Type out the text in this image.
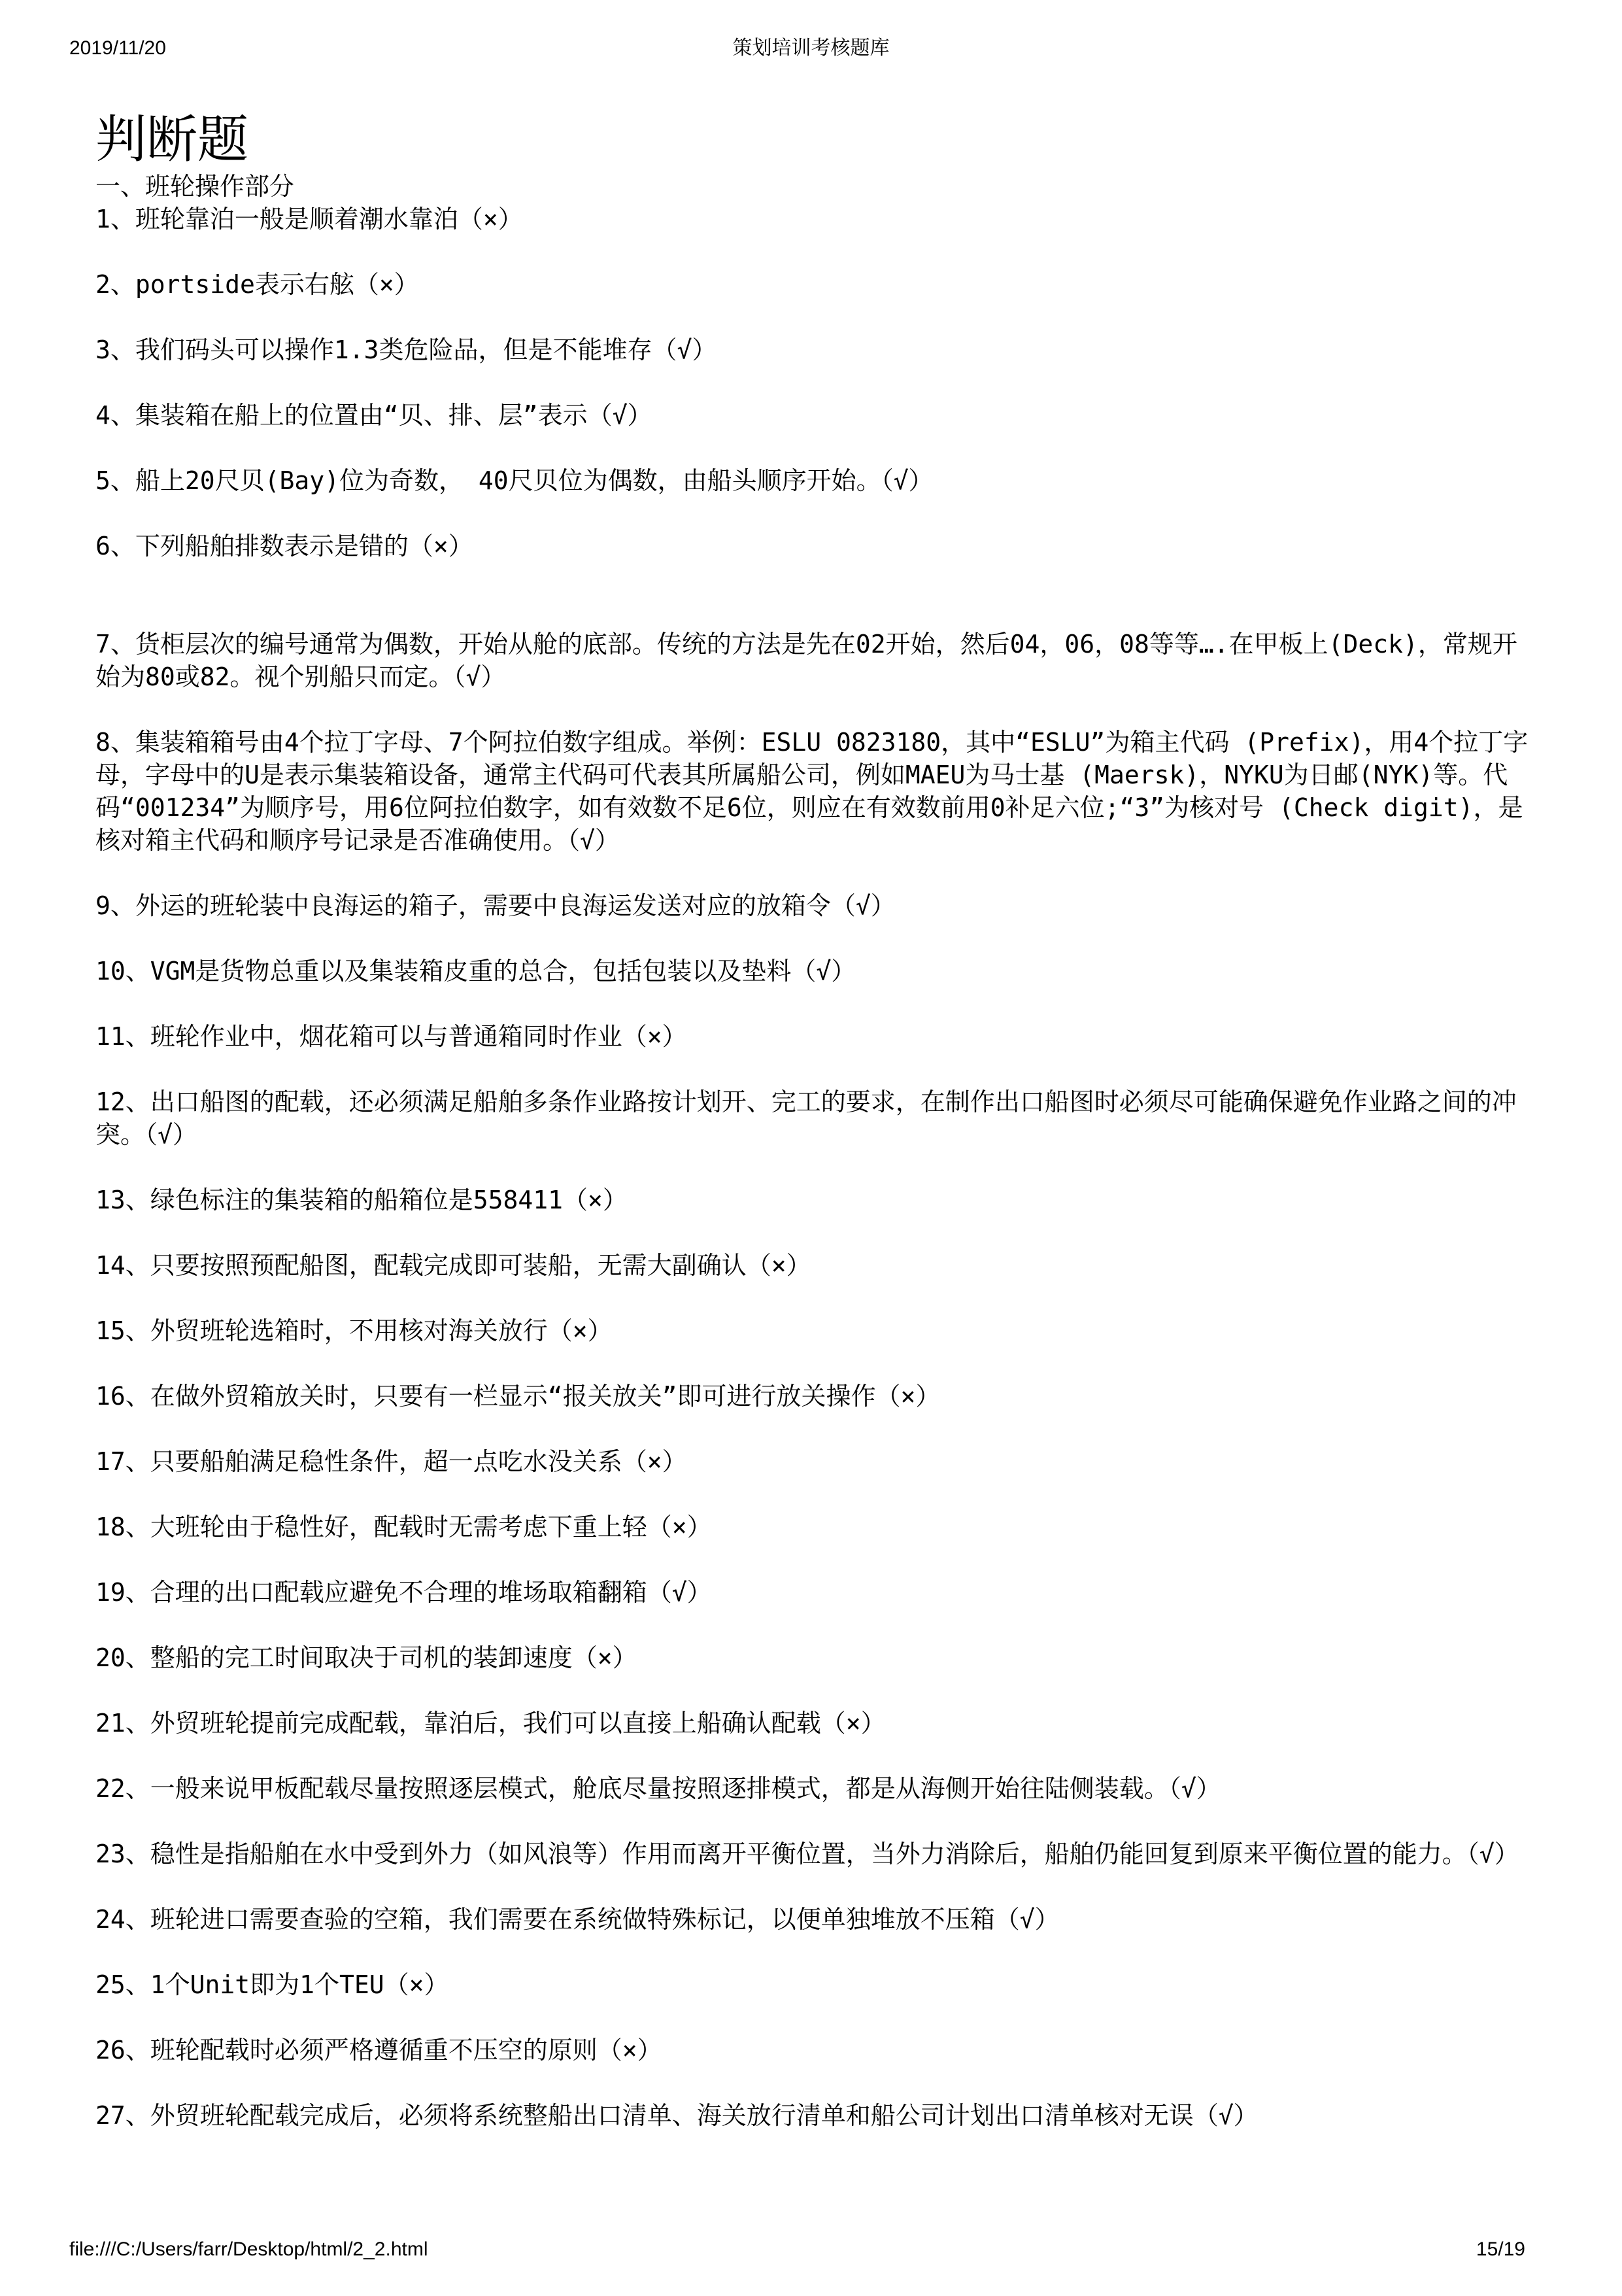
2019/11/20	策划培训考核题库
判断题

一、班轮操作部分

1、班轮靠泊一般是顺着潮水靠泊（×）

2、portside表示右舷（×）

3、我们码头可以操作1.3类危险品，但是不能堆存（√）

4、集装箱在船上的位置由“贝、排、层”表示（√）

5、船上20尺贝(Bay)位为奇数， 40尺贝位为偶数，由船头顺序开始。（√）

6、下列船舶排数表示是错的（×）

7、货柜层次的编号通常为偶数，开始从舱的底部。传统的方法是先在02开始，然后04，06，08等等….在甲板上(Deck)，常规开始为80或82。视个别船只而定。（√）

8、集装箱箱号由4个拉丁字母、7个阿拉伯数字组成。举例：ESLU 0823180，其中“ESLU”为箱主代码 (Prefix)，用4个拉丁字母，字母中的U是表示集装箱设备，通常主代码可代表其所属船公司，例如MAEU为马士基 (Maersk)，NYKU为日邮(NYK)等。代码“001234”为顺序号，用6位阿拉伯数字，如有效数不足6位，则应在有效数前用0补足六位;“3”为核对号 (Check digit)，是核对箱主代码和顺序号记录是否准确使用。（√）

9、外运的班轮装中良海运的箱子，需要中良海运发送对应的放箱令（√）

10、VGM是货物总重以及集装箱皮重的总合，包括包装以及垫料（√）

11、班轮作业中，烟花箱可以与普通箱同时作业（×）

12、出口船图的配载，还必须满足船舶多条作业路按计划开、完工的要求，在制作出口船图时必须尽可能确保避免作业路之间的冲突。（√）

13、绿色标注的集装箱的船箱位是558411（×）

14、只要按照预配船图，配载完成即可装船，无需大副确认（×）

15、外贸班轮选箱时，不用核对海关放行（×）

16、在做外贸箱放关时，只要有一栏显示“报关放关”即可进行放关操作（×）

17、只要船舶满足稳性条件，超一点吃水没关系（×）

18、大班轮由于稳性好，配载时无需考虑下重上轻（×）

19、合理的出口配载应避免不合理的堆场取箱翻箱（√）

20、整船的完工时间取决于司机的装卸速度（×）

21、外贸班轮提前完成配载，靠泊后，我们可以直接上船确认配载（×）

22、一般来说甲板配载尽量按照逐层模式，舱底尽量按照逐排模式，都是从海侧开始往陆侧装载。（√）

23、稳性是指船舶在水中受到外力（如风浪等）作用而离开平衡位置，当外力消除后，船舶仍能回复到原来平衡位置的能力。（√）

24、班轮进口需要查验的空箱，我们需要在系统做特殊标记，以便单独堆放不压箱（√）

25、1个Unit即为1个TEU（×）

26、班轮配载时必须严格遵循重不压空的原则（×）

27、外贸班轮配载完成后，必须将系统整船出口清单、海关放行清单和船公司计划出口清单核对无误（√）

file:///C:/Users/farr/Desktop/html/2_2.html	15/19
